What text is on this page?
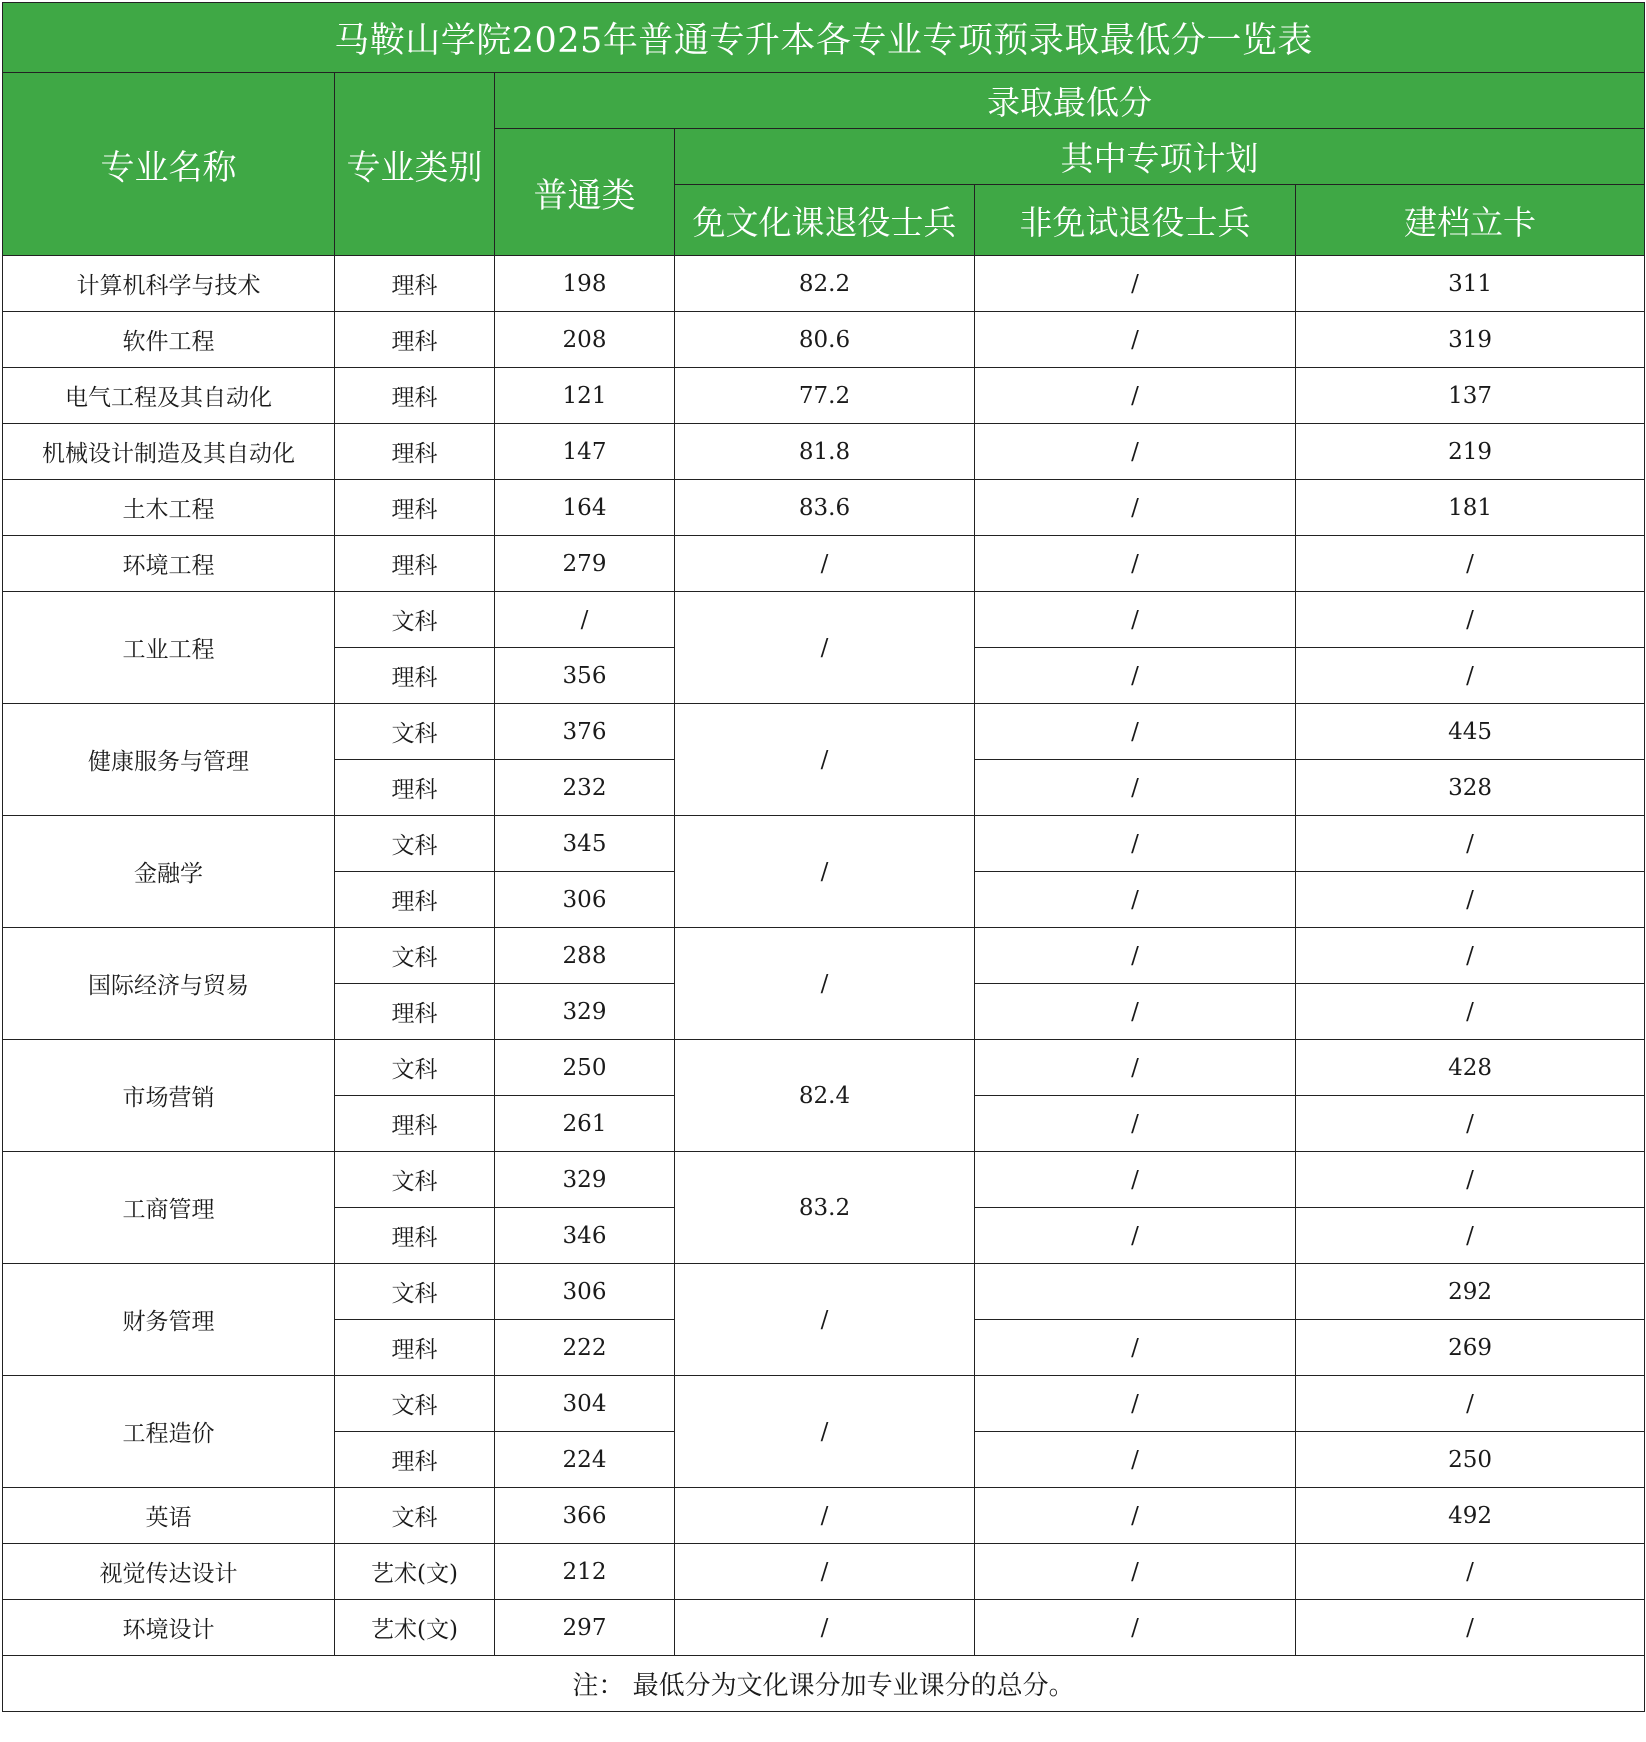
马鞍山学院2025年普通专升本各专业专项预录取最低分一览表					
专业名称	专业类别	录取最低分			
		普通类	其中专项计划		
			免文化课退役士兵	非免试退役士兵	建档立卡
计算机科学与技术	理科	198	82.2	/	311
软件工程	理科	208	80.6	/	319
电气工程及其自动化	理科	121	77.2	/	137
机械设计制造及其自动化	理科	147	81.8	/	219
土木工程	理科	164	83.6	/	181
环境工程	理科	279	/	/	/
工业工程	文科	/	/	/	/
	理科	356		/	/
健康服务与管理	文科	376	/	/	445
	理科	232		/	328
金融学	文科	345	/	/	/
	理科	306		/	/
国际经济与贸易	文科	288	/	/	/
	理科	329		/	/
市场营销	文科	250	82.4	/	428
	理科	261		/	/
工商管理	文科	329	83.2	/	/
	理科	346		/	/
财务管理	文科	306	/		292
	理科	222		/	269
工程造价	文科	304	/	/	/
	理科	224		/	250
英语	文科	366	/	/	492
视觉传达设计	艺术(文)	212	/	/	/
环境设计	艺术(文)	297	/	/	/
注： 最低分为文化课分加专业课分的总分。					
